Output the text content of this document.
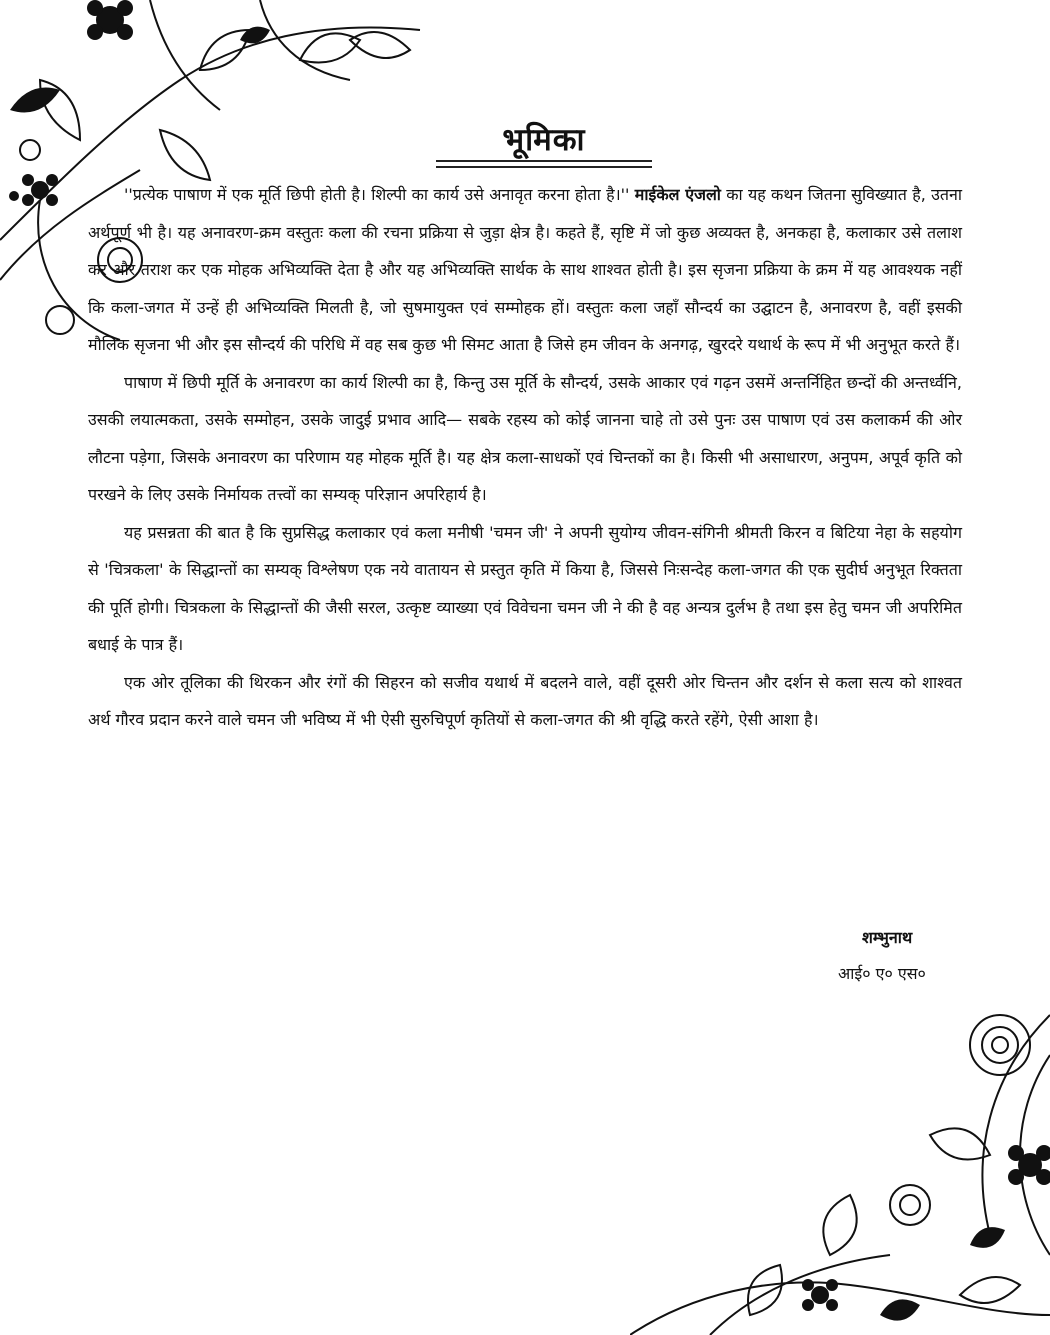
भूमिका

''प्रत्येक पाषाण में एक मूर्ति छिपी होती है। शिल्पी का कार्य उसे अनावृत करना होता है।'' माईकेल एंजलो का यह कथन जितना सुविख्यात है, उतना अर्थपूर्ण भी है। यह अनावरण-क्रम वस्तुतः कला की रचना प्रक्रिया से जुड़ा क्षेत्र है। कहते हैं, सृष्टि में जो कुछ अव्यक्त है, अनकहा है, कलाकार उसे तलाश कर और तराश कर एक मोहक अभिव्यक्ति देता है और यह अभिव्यक्ति सार्थक के साथ शाश्वत होती है। इस सृजना प्रक्रिया के क्रम में यह आवश्यक नहीं कि कला-जगत में उन्हें ही अभिव्यक्ति मिलती है, जो सुषमायुक्त एवं सम्मोहक हों। वस्तुतः कला जहाँ सौन्दर्य का उद्घाटन है, अनावरण है, वहीं इसकी मौलिक सृजना भी और इस सौन्दर्य की परिधि में वह सब कुछ भी सिमट आता है जिसे हम जीवन के अनगढ़, खुरदरे यथार्थ के रूप में भी अनुभूत करते हैं।

पाषाण में छिपी मूर्ति के अनावरण का कार्य शिल्पी का है, किन्तु उस मूर्ति के सौन्दर्य, उसके आकार एवं गढ़न उसमें अन्तर्निहित छन्दों की अन्तर्ध्वनि, उसकी लयात्मकता, उसके सम्मोहन, उसके जादुई प्रभाव आदि— सबके रहस्य को कोई जानना चाहे तो उसे पुनः उस पाषाण एवं उस कलाकर्म की ओर लौटना पड़ेगा, जिसके अनावरण का परिणाम यह मोहक मूर्ति है। यह क्षेत्र कला-साधकों एवं चिन्तकों का है। किसी भी असाधारण, अनुपम, अपूर्व कृति को परखने के लिए उसके निर्मायक तत्त्वों का सम्यक् परिज्ञान अपरिहार्य है।

यह प्रसन्नता की बात है कि सुप्रसिद्ध कलाकार एवं कला मनीषी 'चमन जी' ने अपनी सुयोग्य जीवन-संगिनी श्रीमती किरन व बिटिया नेहा के सहयोग से 'चित्रकला' के सिद्धान्तों का सम्यक् विश्लेषण एक नये वातायन से प्रस्तुत कृति में किया है, जिससे निःसन्देह कला-जगत की एक सुदीर्घ अनुभूत रिक्तता की पूर्ति होगी। चित्रकला के सिद्धान्तों की जैसी सरल, उत्कृष्ट व्याख्या एवं विवेचना चमन जी ने की है वह अन्यत्र दुर्लभ है तथा इस हेतु चमन जी अपरिमित बधाई के पात्र हैं।

एक ओर तूलिका की थिरकन और रंगों की सिहरन को सजीव यथार्थ में बदलने वाले, वहीं दूसरी ओर चिन्तन और दर्शन से कला सत्य को शाश्वत अर्थ गौरव प्रदान करने वाले चमन जी भविष्य में भी ऐसी सुरुचिपूर्ण कृतियों से कला-जगत की श्री वृद्धि करते रहेंगे, ऐसी आशा है।

शम्भुनाथ

आई० ए० एस०
